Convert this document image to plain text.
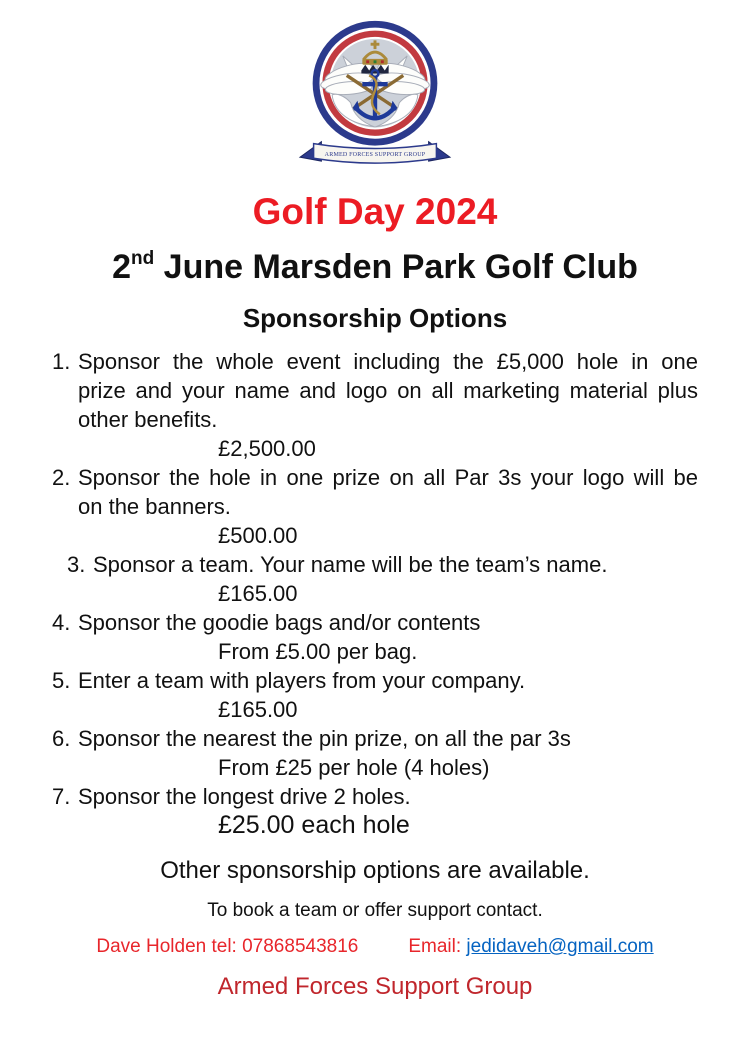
ARMED FORCES SUPPORT GROUP
Golf Day 2024
2nd June Marsden Park Golf Club
Sponsorship Options
1. Sponsor the whole event including the £5,000 hole in one
prize and your name and logo on all marketing material plus
other benefits.
£2,500.00
2. Sponsor the hole in one prize on all Par 3s your logo will be
on the banners.
£500.00
3. Sponsor a team. Your name will be the team’s name.
£165.00
4. Sponsor the goodie bags and/or contents
From £5.00 per bag.
5. Enter a team with players from your company.
£165.00
6. Sponsor the nearest the pin prize, on all the par 3s
From £25 per hole (4 holes)
7. Sponsor the longest drive 2 holes.
£25.00 each hole
Other sponsorship options are available.
To book a team or offer support contact.
Dave Holden tel: 07868543816	Email: jedidaveh@gmail.com
Armed Forces Support Group
